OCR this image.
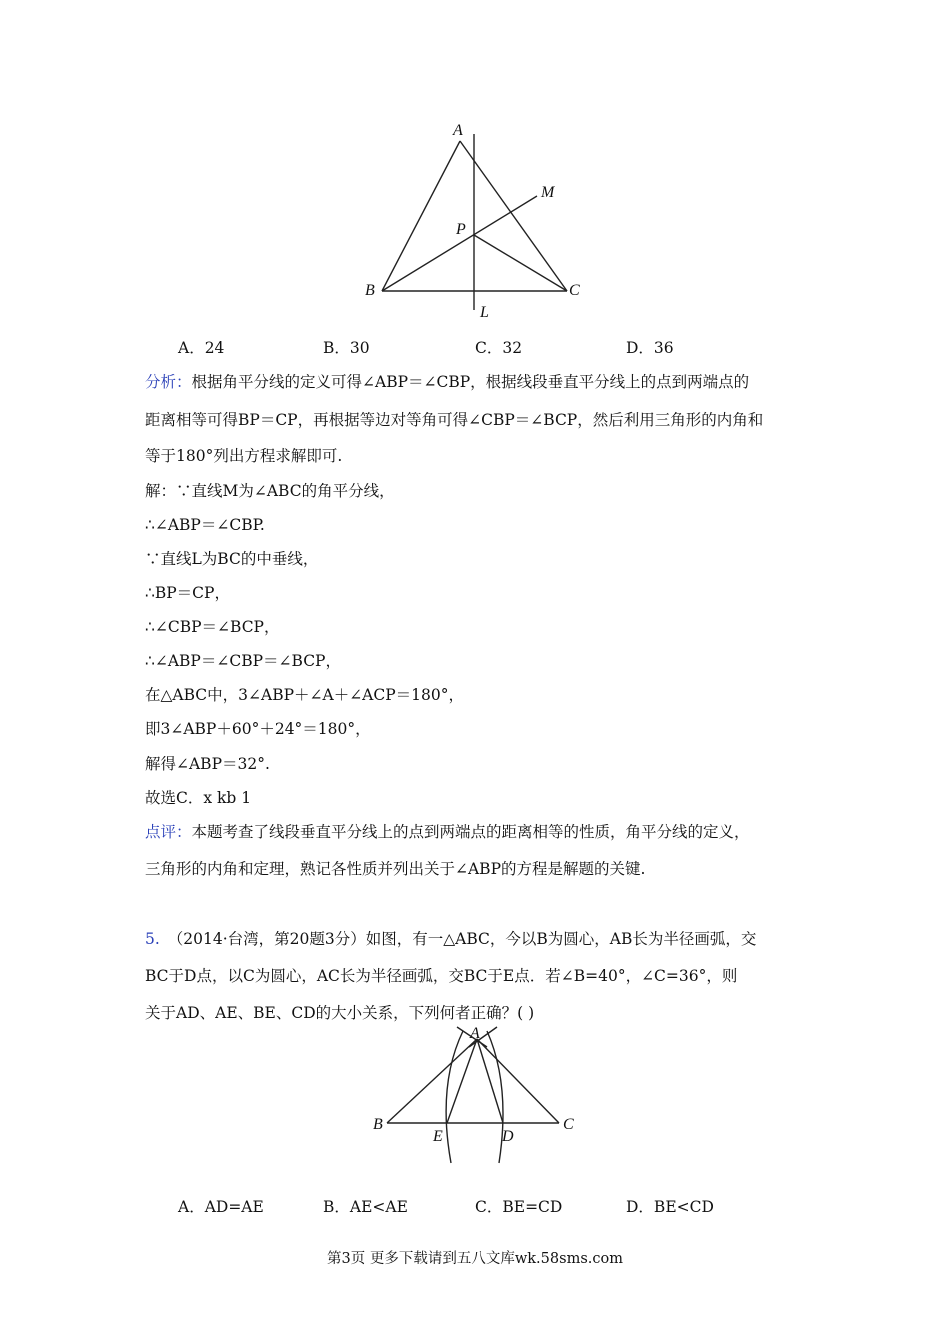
A
B	C
P
M
L
A．24	B．30	C．32	D．36
分析：根据角平分线的定义可得∠ABP＝∠CBP，根据线段垂直平分线上的点到两端点的
距离相等可得BP＝CP，再根据等边对等角可得∠CBP＝∠BCP，然后利用三角形的内角和
等于180°列出方程求解即可.
解：∵直线M为∠ABC的角平分线，
∴∠ABP＝∠CBP.
∵直线L为BC的中垂线，
∴BP＝CP，
∴∠CBP＝∠BCP，
∴∠ABP＝∠CBP＝∠BCP，
在△ABC中，3∠ABP＋∠A＋∠ACP＝180°，
即3∠ABP＋60°＋24°＝180°，
解得∠ABP＝32°.
故选C．x kb 1
点评：本题考查了线段垂直平分线上的点到两端点的距离相等的性质，角平分线的定义，
三角形的内角和定理，熟记各性质并列出关于∠ABP的方程是解题的关键.
5. （2014·台湾，第20题3分）如图，有一△ABC，今以B为圆心，AB长为半径画弧，交
BC于D点，以C为圆心，AC长为半径画弧，交BC于E点．若∠B=40°，∠C=36°，则
关于AD、AE、BE、CD的大小关系，下列何者正确？( )
A
B	C
E	D
A．AD=AE	B．AE<AE	C．BE=CD	D．BE<CD
第3页 更多下载请到五八文库wk.58sms.com
